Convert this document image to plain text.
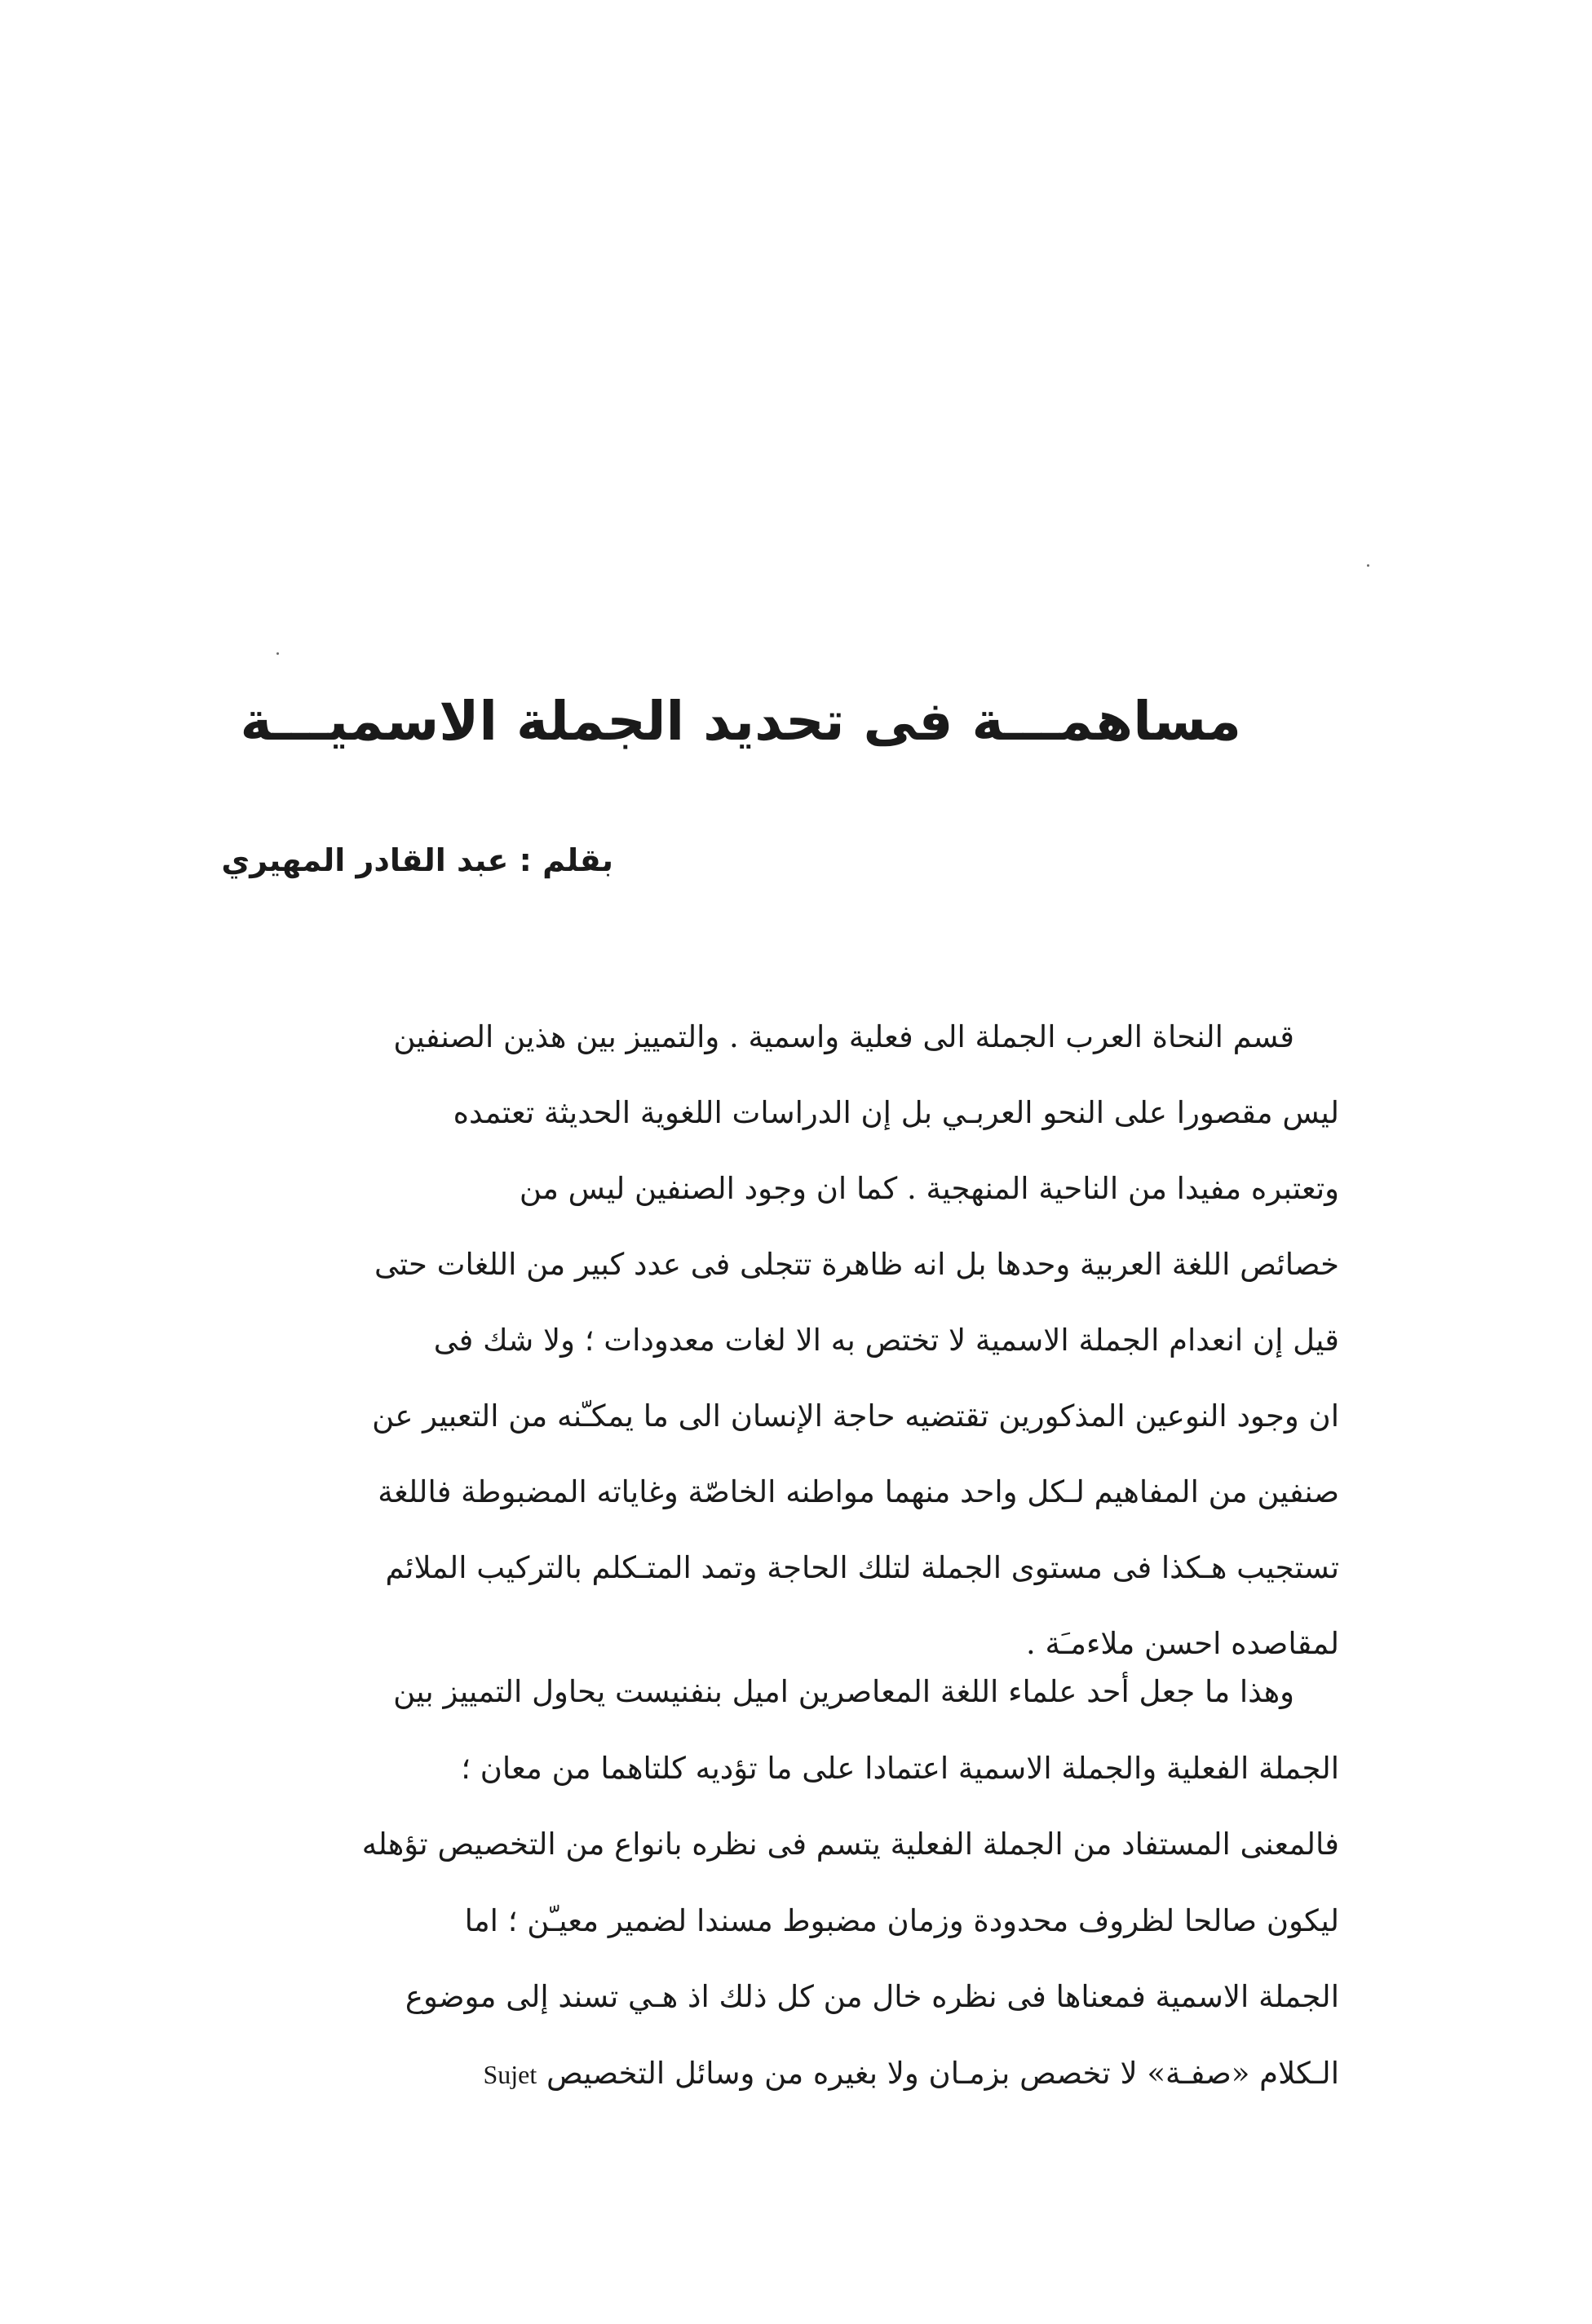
مساهمـــة فى تحديد الجملة الاسميـــة

بقلم : عبد القادر المهيري

قسم النحاة العرب الجملة الى فعلية واسمية . والتمييز بين هذين الصنفين
ليس مقصورا على النحو العربـي بل إن الدراسات اللغوية الحديثة تعتمده
وتعتبره مفيدا من الناحية المنهجية . كما ان وجود الصنفين ليس من
خصائص اللغة العربية وحدها بل انه ظاهرة تتجلى فى عدد كبير من اللغات حتى
قيل إن انعدام الجملة الاسمية لا تختص به الا لغات معدودات ؛ ولا شك فى
ان وجود النوعين المذكورين تقتضيه حاجة الإنسان الى ما يمكـّنه من التعبير عن
صنفين من المفاهيم لـكل واحد منهما مواطنه الخاصّة وغاياته المضبوطة فاللغة
تستجيب هـكذا فى مستوى الجملة لتلك الحاجة وتمد المتـكلم بالتركيب الملائم
لمقاصده احسن ملاءمـَة .
وهذا ما جعل أحد علماء اللغة المعاصرين اميل بنفنيست يحاول التمييز بين
الجملة الفعلية والجملة الاسمية اعتمادا على ما تؤديه كلتاهما من معان ؛
فالمعنى المستفاد من الجملة الفعلية يتسم فى نظره بانواع من التخصيص تؤهله
ليكون صالحا لظروف محدودة وزمان مضبوط مسندا لضمير معيـّن ؛ اما
الجملة الاسمية فمعناها فى نظره خال من كل ذلك اذ هـي تسند إلى موضوع
الـكلام «صفـة» لا تخصص بزمـان ولا بغيره من وسائل التخصيص Sujet
